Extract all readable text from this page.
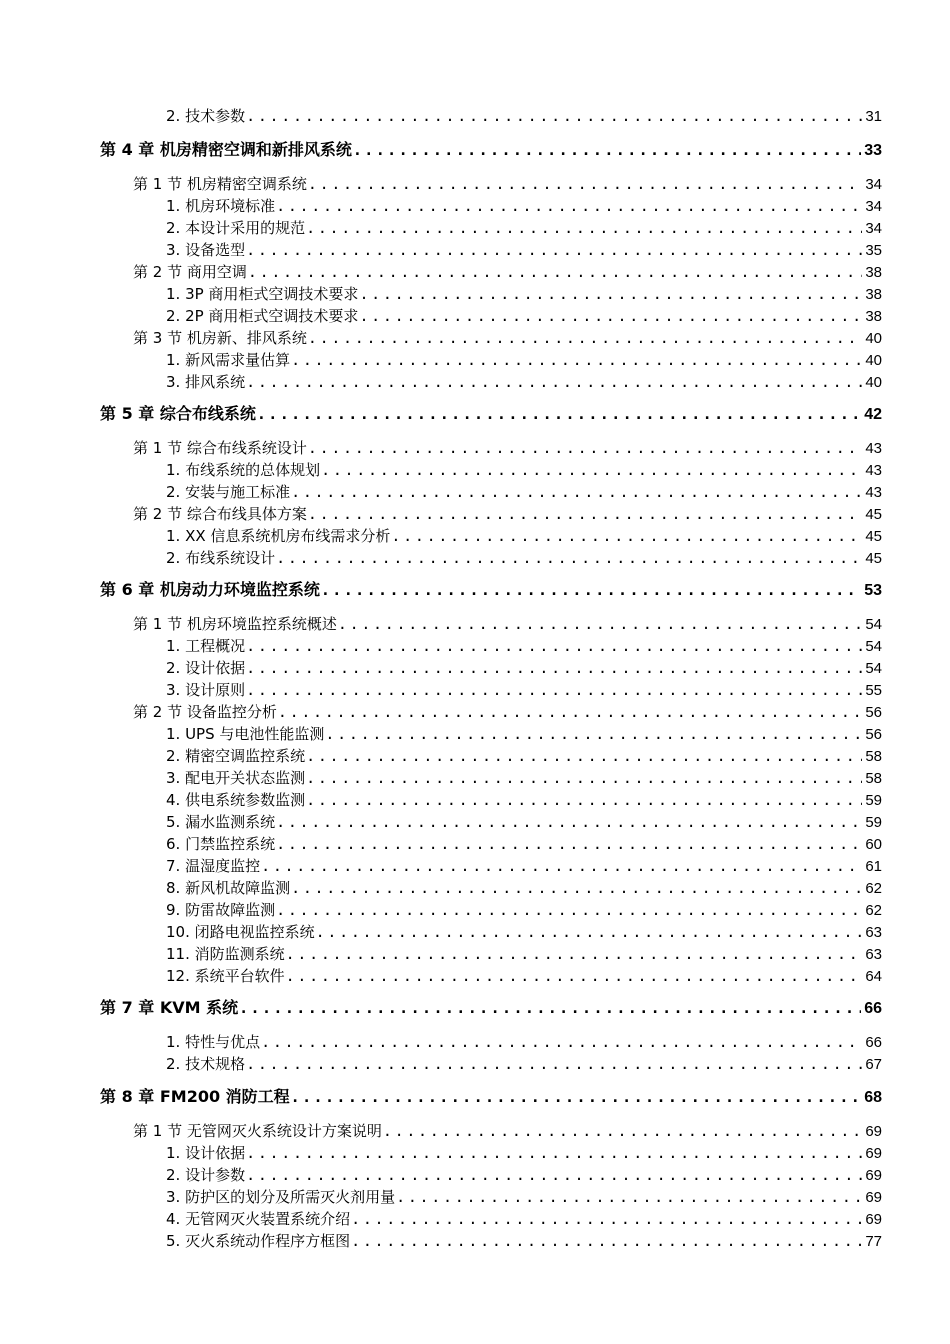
2. 技术参数 .....	31
第 4 章 机房精密空调和新排风系统 .....	33
第 1 节 机房精密空调系统 .....	34
1. 机房环境标准 .....	34
2. 本设计采用的规范 .....	34
3. 设备选型 .....	35
第 2 节 商用空调 .....	38
1. 3P 商用柜式空调技术要求 .....	38
2. 2P 商用柜式空调技术要求 .....	38
第 3 节 机房新、排风系统 .....	40
1. 新风需求量估算 .....	40
3. 排风系统 .....	40
第 5 章 综合布线系统 .....	42
第 1 节 综合布线系统设计 .....	43
1. 布线系统的总体规划 .....	43
2. 安装与施工标准 .....	43
第 2 节 综合布线具体方案 .....	45
1. XX 信息系统机房布线需求分析 .....	45
2. 布线系统设计 .....	45
第 6 章 机房动力环境监控系统 .....	53
第 1 节 机房环境监控系统概述 .....	54
1. 工程概况 .....	54
2. 设计依据 .....	54
3. 设计原则 .....	55
第 2 节 设备监控分析 .....	56
1. UPS 与电池性能监测 .....	56
2. 精密空调监控系统 .....	58
3. 配电开关状态监测 .....	58
4. 供电系统参数监测 .....	59
5. 漏水监测系统 .....	59
6. 门禁监控系统 .....	60
7. 温湿度监控 .....	61
8. 新风机故障监测 .....	62
9. 防雷故障监测 .....	62
10. 闭路电视监控系统 .....	63
11. 消防监测系统 .....	63
12. 系统平台软件 .....	64
第 7 章 KVM 系统 .....	66
1. 特性与优点 .....	66
2. 技术规格 .....	67
第 8 章 FM200 消防工程 .....	68
第 1 节 无管网灭火系统设计方案说明 .....	69
1. 设计依据 .....	69
2. 设计参数 .....	69
3. 防护区的划分及所需灭火剂用量 .....	69
4. 无管网灭火装置系统介绍 .....	69
5. 灭火系统动作程序方框图 .....	77
